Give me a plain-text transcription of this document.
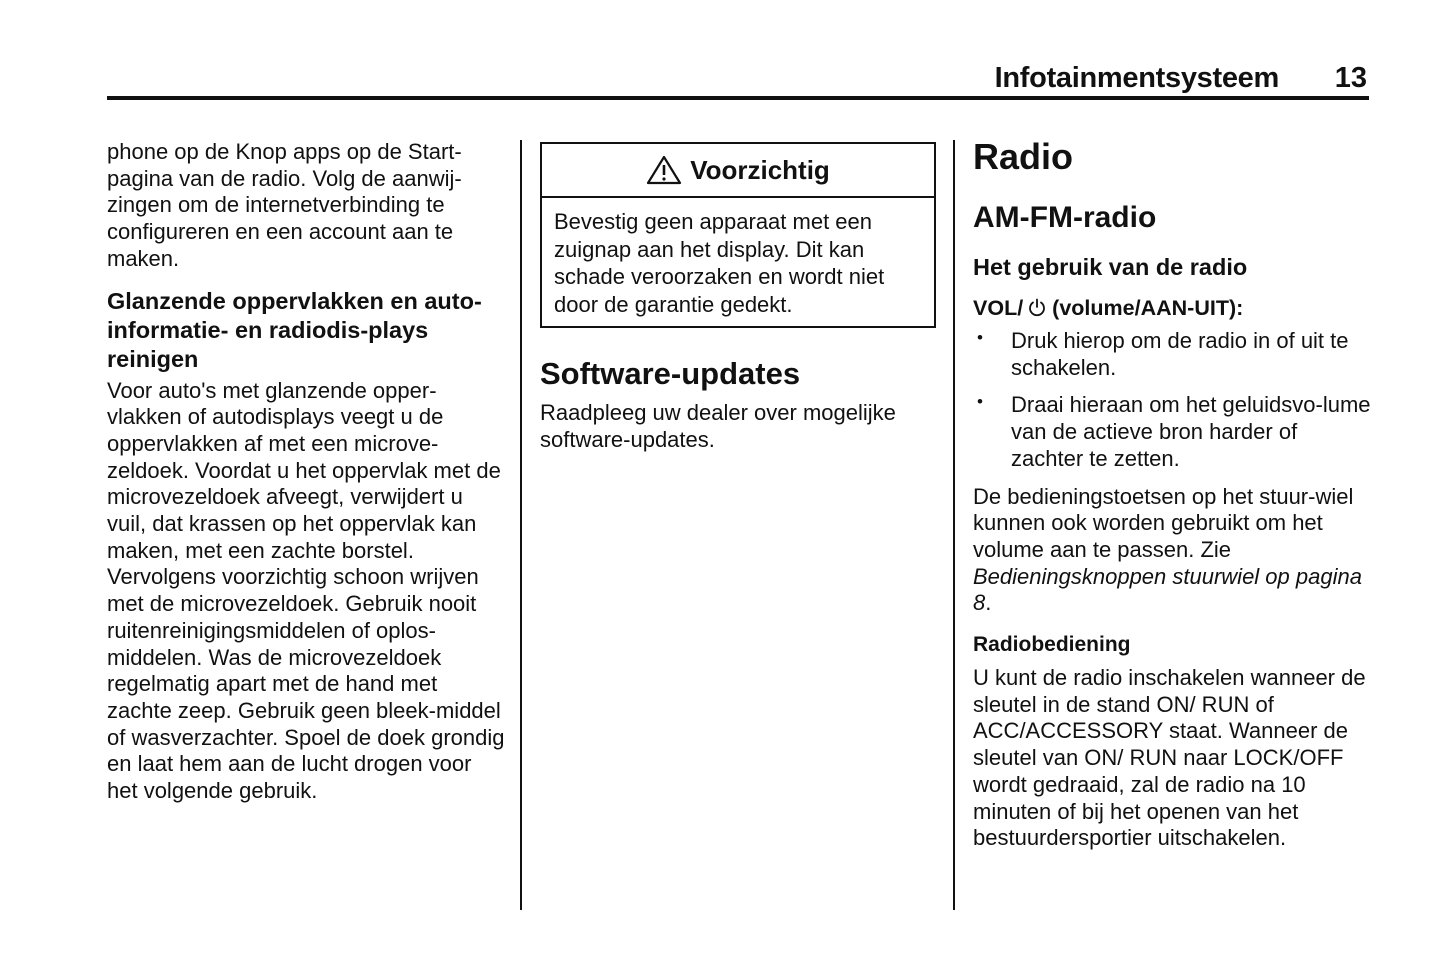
Infotainmentsysteem 13

phone op de Knop apps op de Start-pagina van de radio. Volg de aanwij-zingen om de internetverbinding te configureren en een account aan te maken.

Glanzende oppervlakken en auto-informatie- en radiodis-plays reinigen

Voor auto's met glanzende opper-vlakken of autodisplays veegt u de oppervlakken af met een microve-zeldoek. Voordat u het oppervlak met de microvezeldoek afveegt, verwijdert u vuil, dat krassen op het oppervlak kan maken, met een zachte borstel. Vervolgens voorzichtig schoon wrijven met de microvezeldoek. Gebruik nooit ruitenreinigingsmiddelen of oplos-middelen. Was de microvezeldoek regelmatig apart met de hand met zachte zeep. Gebruik geen bleek-middel of wasverzachter. Spoel de doek grondig en laat hem aan de lucht drogen voor het volgende gebruik.

Voorzichtig
Bevestig geen apparaat met een zuignap aan het display. Dit kan schade veroorzaken en wordt niet door de garantie gedekt.
Software-updates

Raadpleeg uw dealer over mogelijke software-updates.

Radio
AM-FM-radio
Het gebruik van de radio
VOL/ (volume/AAN-UIT):
• Druk hierop om de radio in of uit te schakelen.
• Draai hieraan om het geluidsvo-lume van de actieve bron harder of zachter te zetten.

De bedieningstoetsen op het stuur-wiel kunnen ook worden gebruikt om het volume aan te passen. Zie Bedieningsknoppen stuurwiel op pagina 8.

Radiobediening

U kunt de radio inschakelen wanneer de sleutel in de stand ON/ RUN of ACC/ACCESSORY staat. Wanneer de sleutel van ON/ RUN naar LOCK/OFF wordt gedraaid, zal de radio na 10 minuten of bij het openen van het bestuurdersportier uitschakelen.
